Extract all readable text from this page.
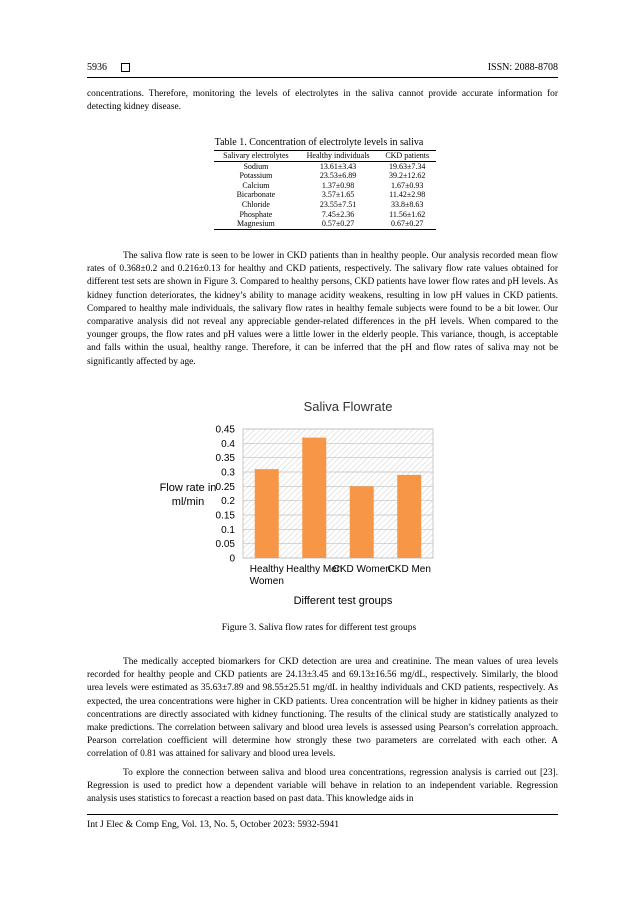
5936	ISSN: 2088-8708

concentrations. Therefore, monitoring the levels of electrolytes in the saliva cannot provide accurate information for detecting kidney disease.

Table 1. Concentration of electrolyte levels in saliva
Salivary electrolytes	Healthy individuals	CKD patients
Sodium	13.61±3.43	19.63±7.34
Potassium	23.53±6.89	39.2±12.62
Calcium	1.37±0.98	1.67±0.93
Bicarbonate	3.57±1.65	11.42±2.98
Chloride	23.55±7.51	33.8±8.63
Phosphate	7.45±2.36	11.56±1.62
Magnesium	0.57±0.27	0.67±0.27

The saliva flow rate is seen to be lower in CKD patients than in healthy people. Our analysis recorded mean flow rates of 0.368±0.2 and 0.216±0.13 for healthy and CKD patients, respectively. The salivary flow rate values obtained for different test sets are shown in Figure 3. Compared to healthy persons, CKD patients have lower flow rates and pH levels. As kidney function deteriorates, the kidney’s ability to manage acidity weakens, resulting in low pH values in CKD patients. Compared to healthy male individuals, the salivary flow rates in healthy female subjects were found to be a bit lower. Our comparative analysis did not reveal any appreciable gender-related differences in the pH levels. When compared to the younger groups, the flow rates and pH values were a little lower in the elderly people. This variance, though, is acceptable and falls within the usual, healthy range. Therefore, it can be inferred that the pH and flow rates of saliva may not be significantly affected by age.

0
0.05
0.1
0.15
0.2
0.25
0.3
0.35
0.4
0.45
Healthy
Women
Healthy Men
CKD Women
CKD Men
Saliva Flowrate
Flow rate in
ml/min
Different test groups
Figure 3. Saliva flow rates for different test groups

The medically accepted biomarkers for CKD detection are urea and creatinine. The mean values of urea levels recorded for healthy people and CKD patients are 24.13±3.45 and 69.13±16.56 mg/dL, respectively. Similarly, the blood urea levels were estimated as 35.63±7.89 and 98.55±25.51 mg/dL in healthy individuals and CKD patients, respectively. As expected, the urea concentrations were higher in CKD patients. Urea concentration will be higher in kidney patients as their concentrations are directly associated with kidney functioning. The results of the clinical study are statistically analyzed to make predictions. The correlation between salivary and blood urea levels is assessed using Pearson’s correlation approach. Pearson correlation coefficient will determine how strongly these two parameters are correlated with each other. A correlation of 0.81 was attained for salivary and blood urea levels.

To explore the connection between saliva and blood urea concentrations, regression analysis is carried out [23]. Regression is used to predict how a dependent variable will behave in relation to an independent variable. Regression analysis uses statistics to forecast a reaction based on past data. This knowledge aids in

Int J Elec & Comp Eng, Vol. 13, No. 5, October 2023: 5932-5941
